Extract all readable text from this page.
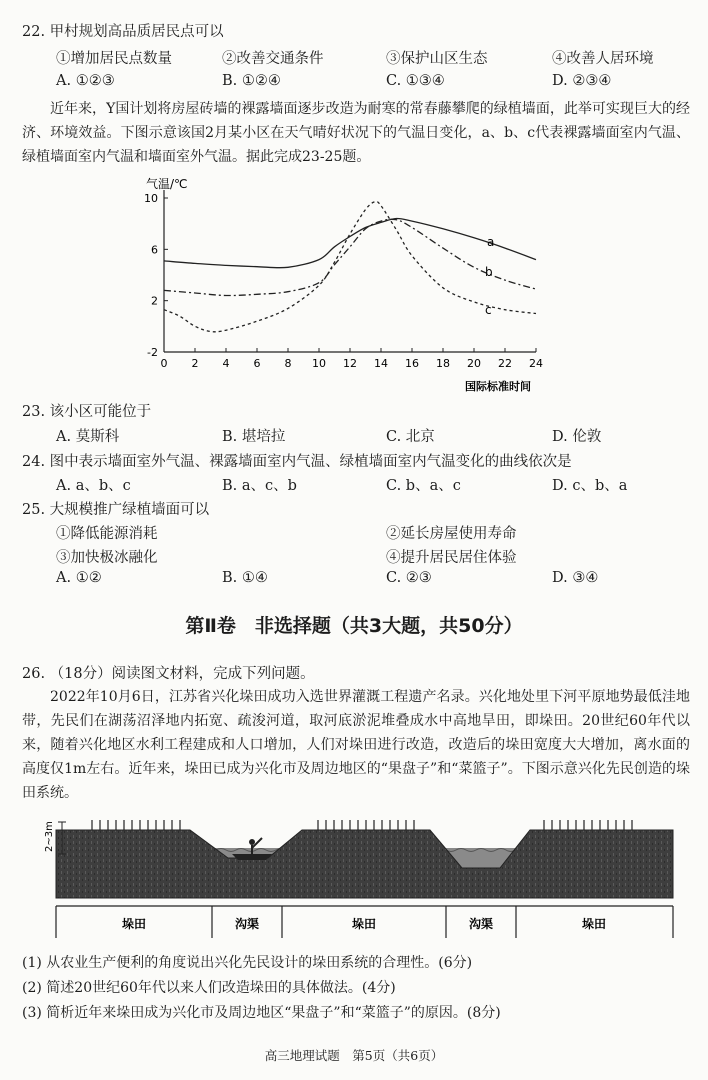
22. 甲村规划高品质居民点可以
①增加居民点数量	②改善交通条件	③保护山区生态	④改善人居环境
A. ①②③	B. ①②④	C. ①③④	D. ②③④
近年来，Y国计划将房屋砖墙的裸露墙面逐步改造为耐寒的常春藤攀爬的绿植墙面，此举可实现巨大的经济、环境效益。下图示意该国2月某小区在天气晴好状况下的气温日变化，a、b、c代表裸露墙面室内气温、绿植墙面室内气温和墙面室外气温。据此完成23-25题。
气温/℃
-2
2
6
10
0 2 4 6 8 10 12 14 16 18 20 22 24
a
b
c
国际标准时间
23. 该小区可能位于
A. 莫斯科	B. 堪培拉	C. 北京	D. 伦敦
24. 图中表示墙面室外气温、裸露墙面室内气温、绿植墙面室内气温变化的曲线依次是
A. a、b、c	B. a、c、b	C. b、a、c	D. c、b、a
25. 大规模推广绿植墙面可以
①降低能源消耗	②延长房屋使用寿命
③加快极冰融化	④提升居民居住体验
A. ①②	B. ①④	C. ②③	D. ③④
第Ⅱ卷　非选择题（共3大题，共50分）
26. （18分）阅读图文材料，完成下列问题。
2022年10月6日，江苏省兴化垛田成功入选世界灌溉工程遗产名录。兴化地处里下河平原地势最低洼地带，先民们在湖荡沼泽地内拓宽、疏浚河道，取河底淤泥堆叠成水中高地旱田，即垛田。20世纪60年代以来，随着兴化地区水利工程建成和人口增加，人们对垛田进行改造，改造后的垛田宽度大大增加，离水面的高度仅1m左右。近年来，垛田已成为兴化市及周边地区的“果盘子”和“菜篮子”。下图示意兴化先民创造的垛田系统。
2~3m
垛田	沟渠	垛田	沟渠	垛田
(1) 从农业生产便利的角度说出兴化先民设计的垛田系统的合理性。(6分)
(2) 简述20世纪60年代以来人们改造垛田的具体做法。(4分)
(3) 简析近年来垛田成为兴化市及周边地区“果盘子”和“菜篮子”的原因。(8分)
高三地理试题　第5页（共6页）
